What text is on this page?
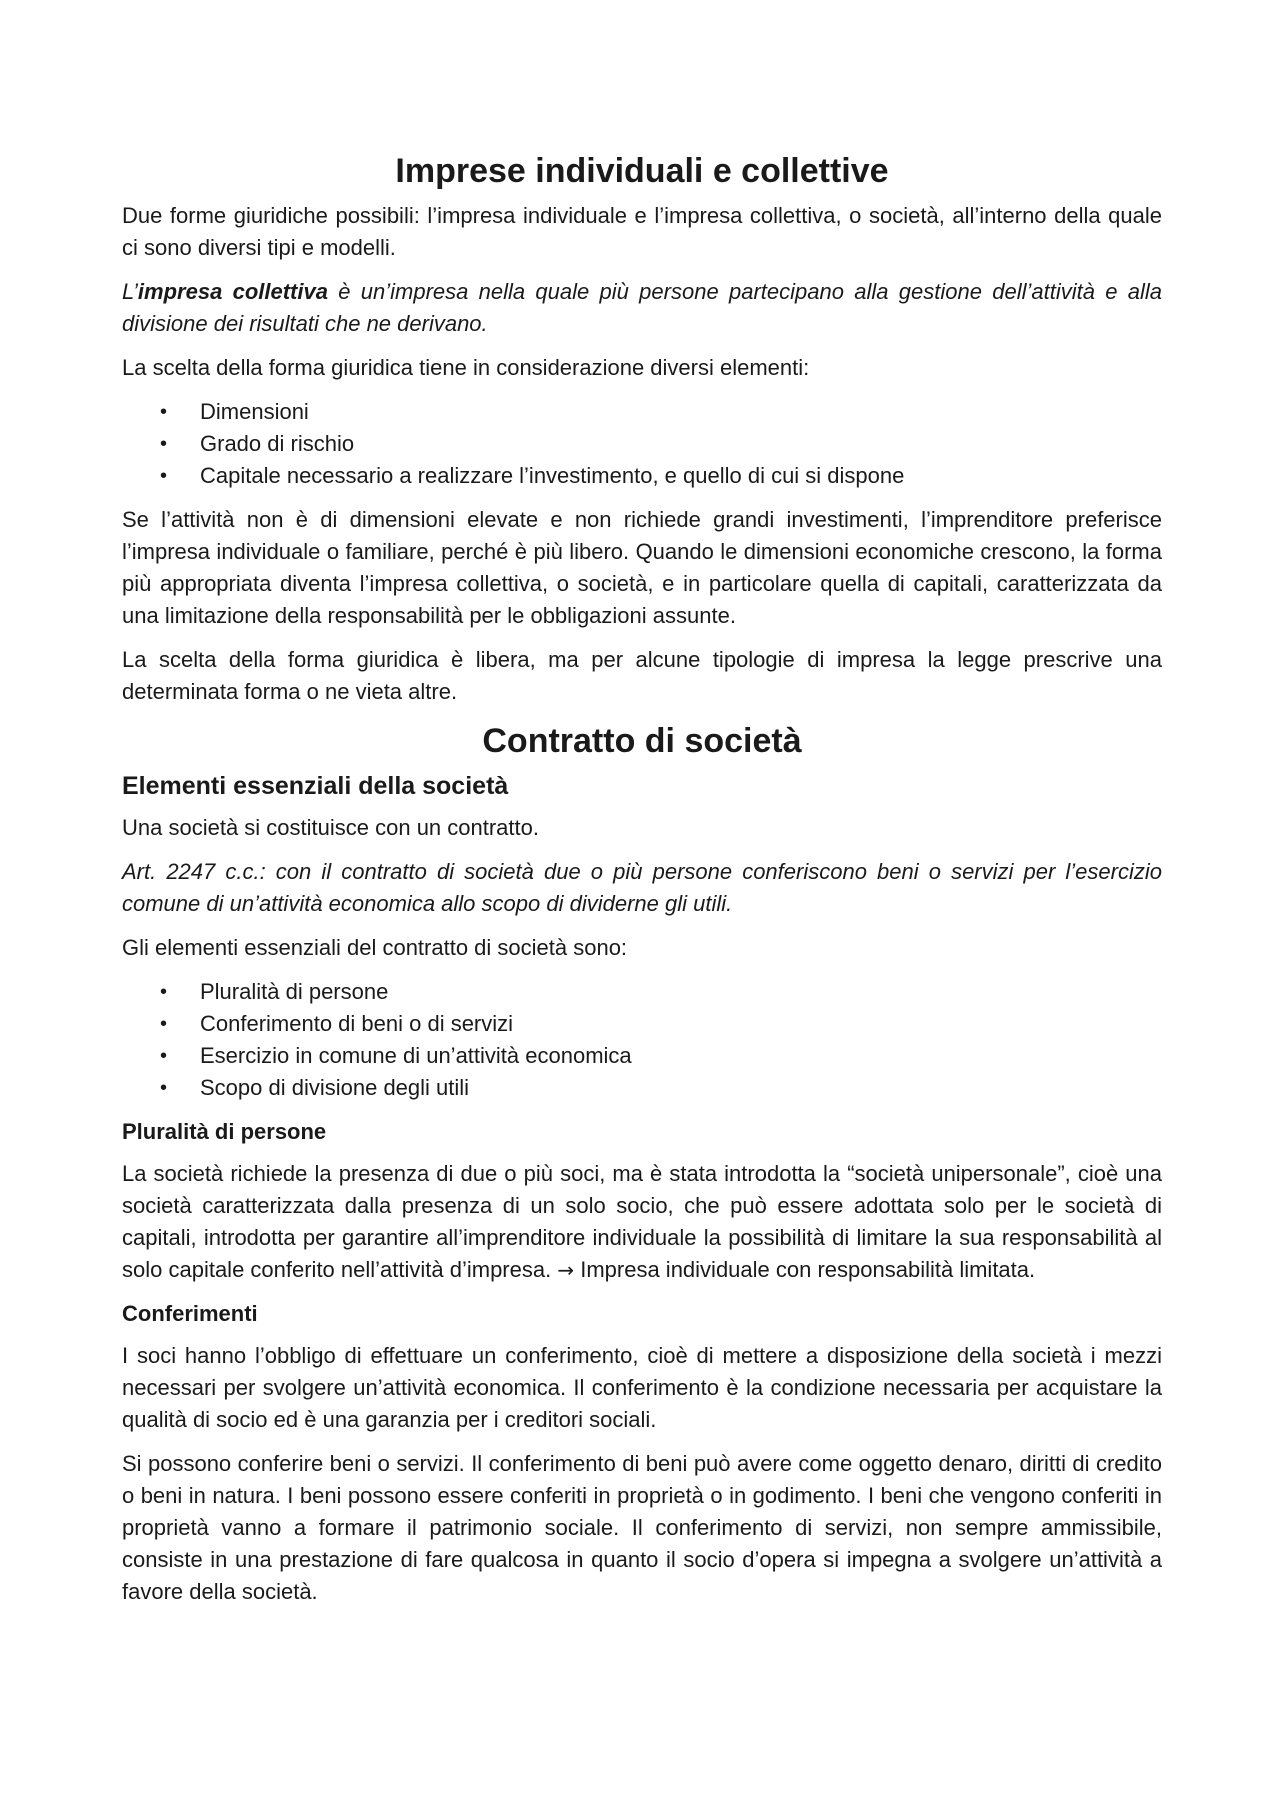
Imprese individuali e collettive

Due forme giuridiche possibili: l’impresa individuale e l’impresa collettiva, o società, all’interno della quale ci sono diversi tipi e modelli.

L’impresa collettiva è un’impresa nella quale più persone partecipano alla gestione dell’attività e alla divisione dei risultati che ne derivano.

La scelta della forma giuridica tiene in considerazione diversi elementi:

• Dimensioni
• Grado di rischio
• Capitale necessario a realizzare l’investimento, e quello di cui si dispone

Se l’attività non è di dimensioni elevate e non richiede grandi investimenti, l’imprenditore preferisce l’impresa individuale o familiare, perché è più libero. Quando le dimensioni economiche crescono, la forma più appropriata diventa l’impresa collettiva, o società, e in particolare quella di capitali, caratterizzata da una limitazione della responsabilità per le obbligazioni assunte.

La scelta della forma giuridica è libera, ma per alcune tipologie di impresa la legge prescrive una determinata forma o ne vieta altre.

Contratto di società
Elementi essenziali della società

Una società si costituisce con un contratto.

Art. 2247 c.c.: con il contratto di società due o più persone conferiscono beni o servizi per l’esercizio comune di un’attività economica allo scopo di dividerne gli utili.

Gli elementi essenziali del contratto di società sono:

• Pluralità di persone
• Conferimento di beni o di servizi
• Esercizio in comune di un’attività economica
• Scopo di divisione degli utili
Pluralità di persone

La società richiede la presenza di due o più soci, ma è stata introdotta la “società unipersonale”, cioè una società caratterizzata dalla presenza di un solo socio, che può essere adottata solo per le società di capitali, introdotta per garantire all’imprenditore individuale la possibilità di limitare la sua responsabilità al solo capitale conferito nell’attività d’impresa. → Impresa individuale con responsabilità limitata.

Conferimenti

I soci hanno l’obbligo di effettuare un conferimento, cioè di mettere a disposizione della società i mezzi necessari per svolgere un’attività economica. Il conferimento è la condizione necessaria per acquistare la qualità di socio ed è una garanzia per i creditori sociali.

Si possono conferire beni o servizi. Il conferimento di beni può avere come oggetto denaro, diritti di credito o beni in natura. I beni possono essere conferiti in proprietà o in godimento. I beni che vengono conferiti in proprietà vanno a formare il patrimonio sociale. Il conferimento di servizi, non sempre ammissibile, consiste in una prestazione di fare qualcosa in quanto il socio d’opera si impegna a svolgere un’attività a favore della società.
